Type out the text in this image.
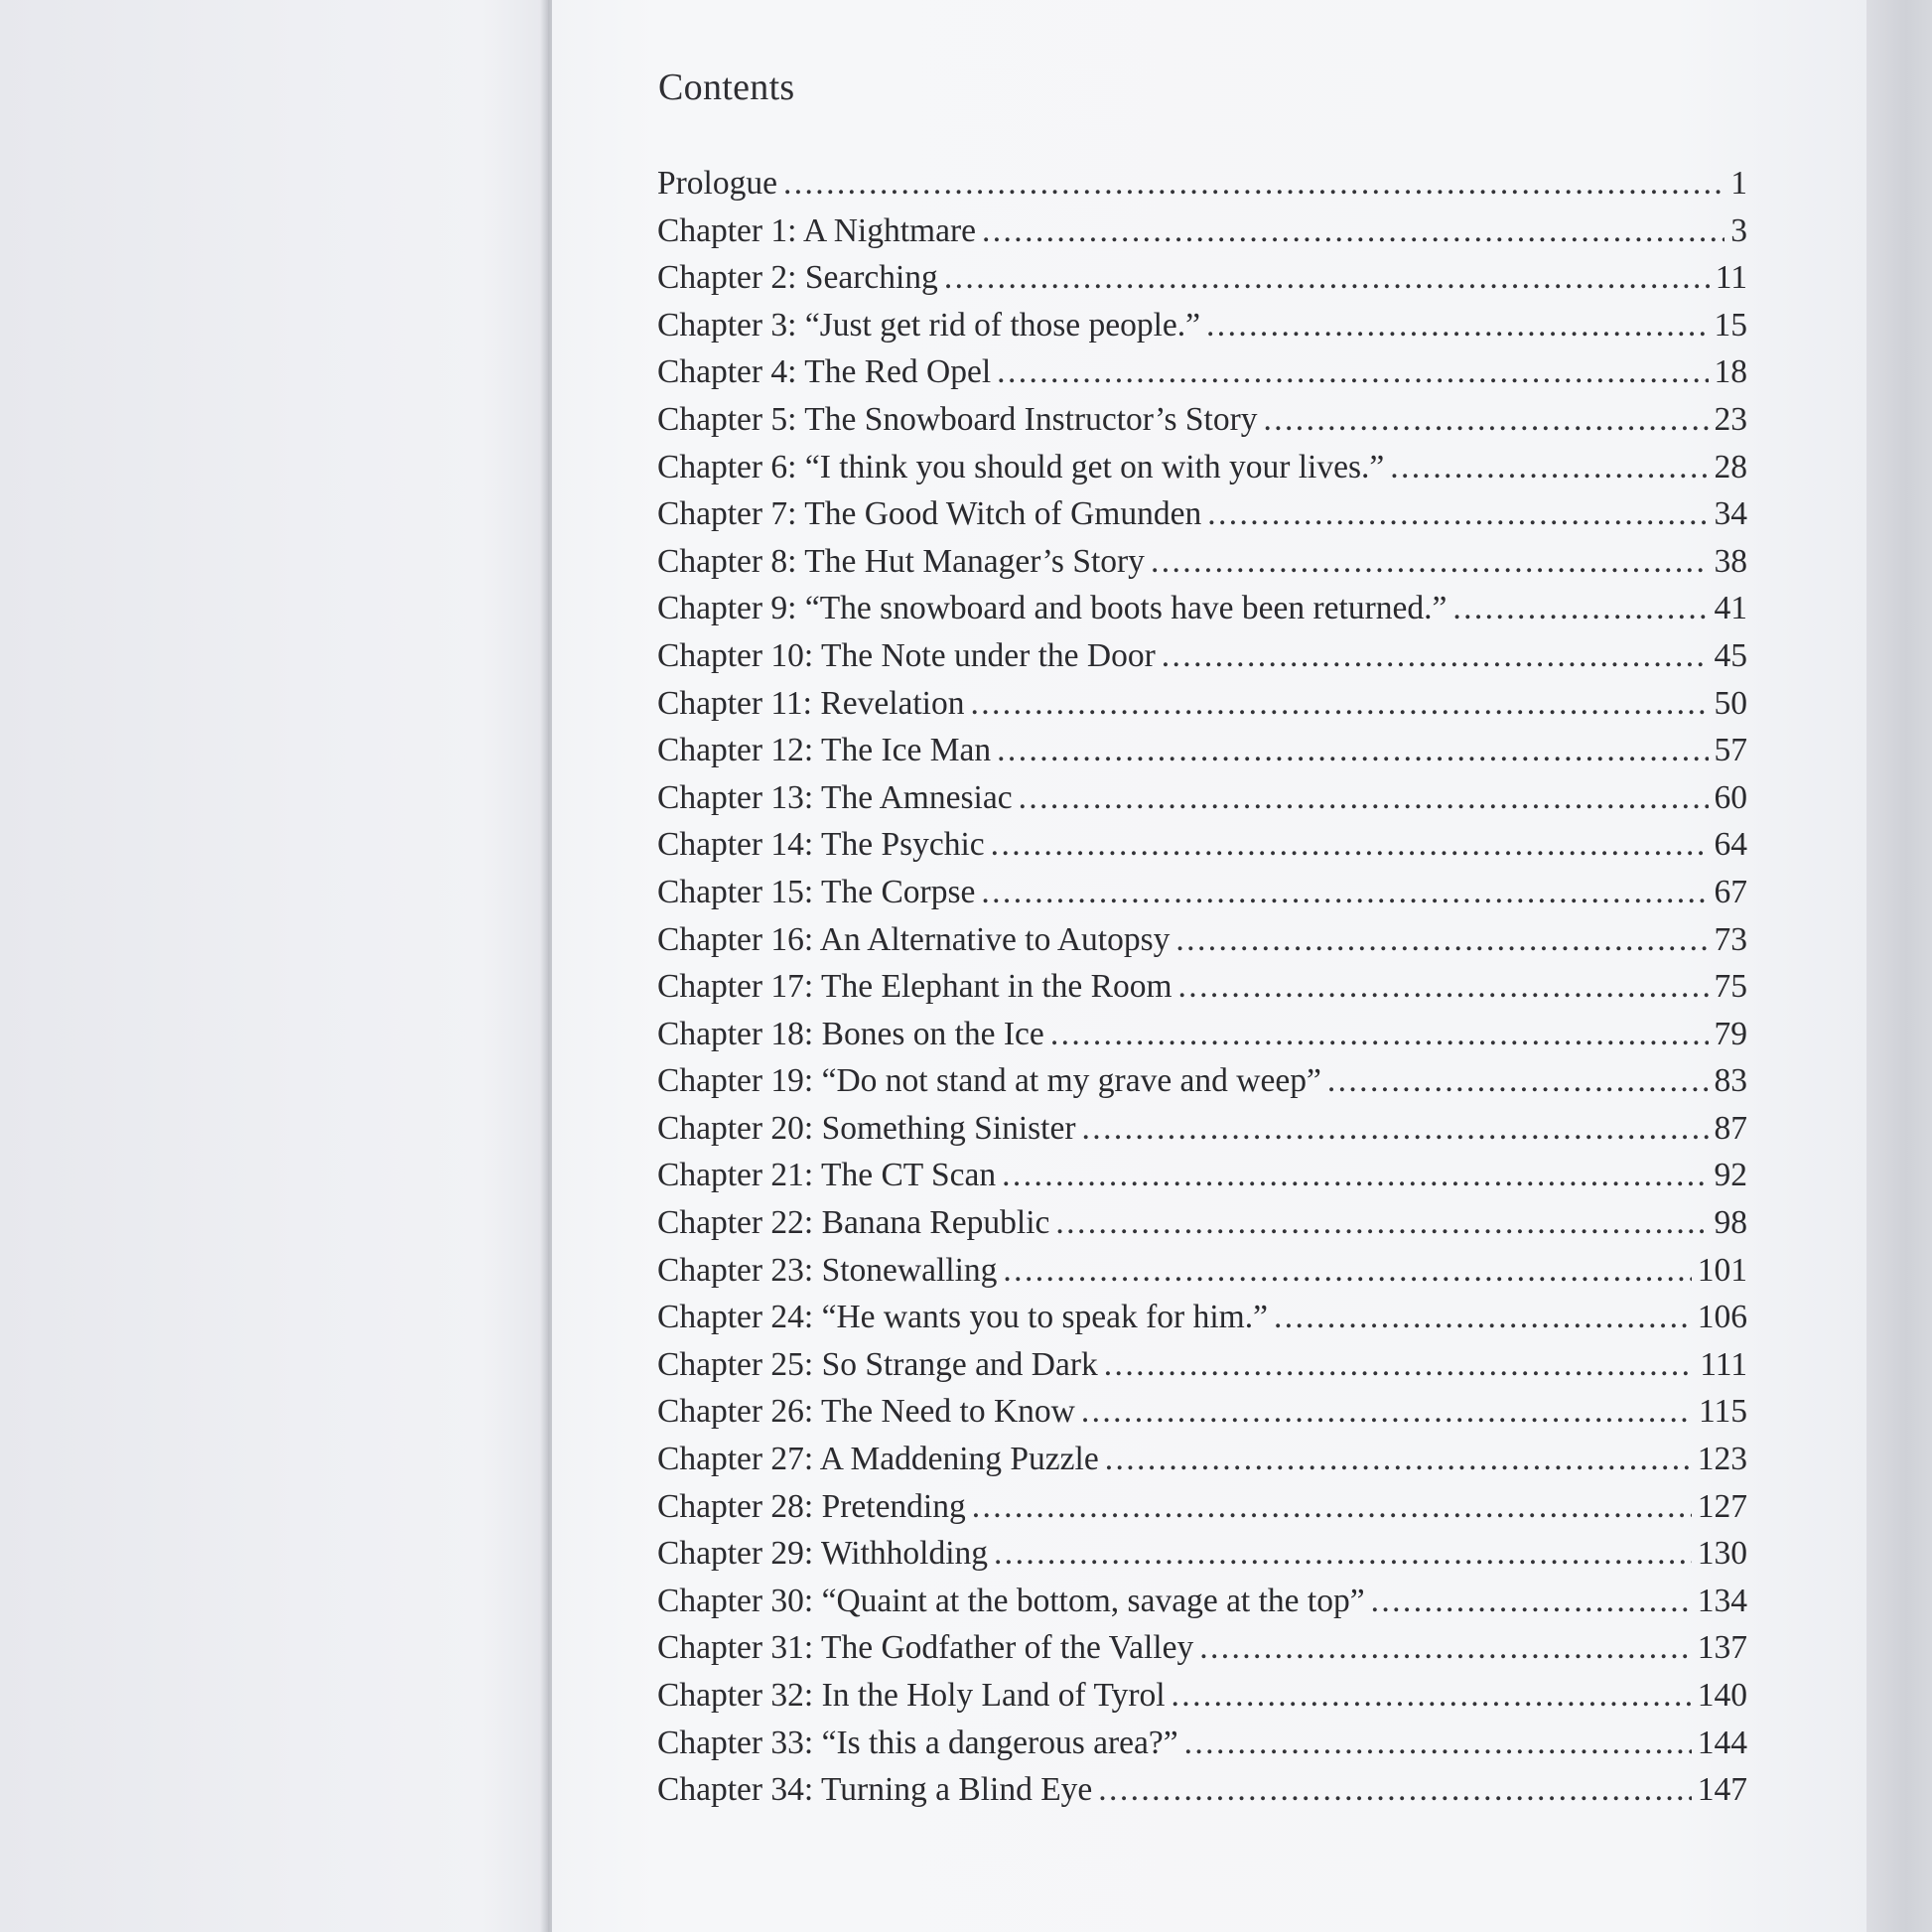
Contents
Prologue .....	1
Chapter 1: A Nightmare .....	3
Chapter 2: Searching .....	11
Chapter 3: “Just get rid of those people.” .....	15
Chapter 4: The Red Opel .....	18
Chapter 5: The Snowboard Instructor’s Story .....	23
Chapter 6: “I think you should get on with your lives.” .....	28
Chapter 7: The Good Witch of Gmunden .....	34
Chapter 8: The Hut Manager’s Story .....	38
Chapter 9: “The snowboard and boots have been returned.” .....	41
Chapter 10: The Note under the Door .....	45
Chapter 11: Revelation .....	50
Chapter 12: The Ice Man .....	57
Chapter 13: The Amnesiac .....	60
Chapter 14: The Psychic .....	64
Chapter 15: The Corpse .....	67
Chapter 16: An Alternative to Autopsy .....	73
Chapter 17: The Elephant in the Room .....	75
Chapter 18: Bones on the Ice .....	79
Chapter 19: “Do not stand at my grave and weep” .....	83
Chapter 20: Something Sinister .....	87
Chapter 21: The CT Scan .....	92
Chapter 22: Banana Republic .....	98
Chapter 23: Stonewalling .....	101
Chapter 24: “He wants you to speak for him.” .....	106
Chapter 25: So Strange and Dark .....	111
Chapter 26: The Need to Know .....	115
Chapter 27: A Maddening Puzzle .....	123
Chapter 28: Pretending .....	127
Chapter 29: Withholding .....	130
Chapter 30: “Quaint at the bottom, savage at the top” .....	134
Chapter 31: The Godfather of the Valley .....	137
Chapter 32: In the Holy Land of Tyrol .....	140
Chapter 33: “Is this a dangerous area?” .....	144
Chapter 34: Turning a Blind Eye .....	147
